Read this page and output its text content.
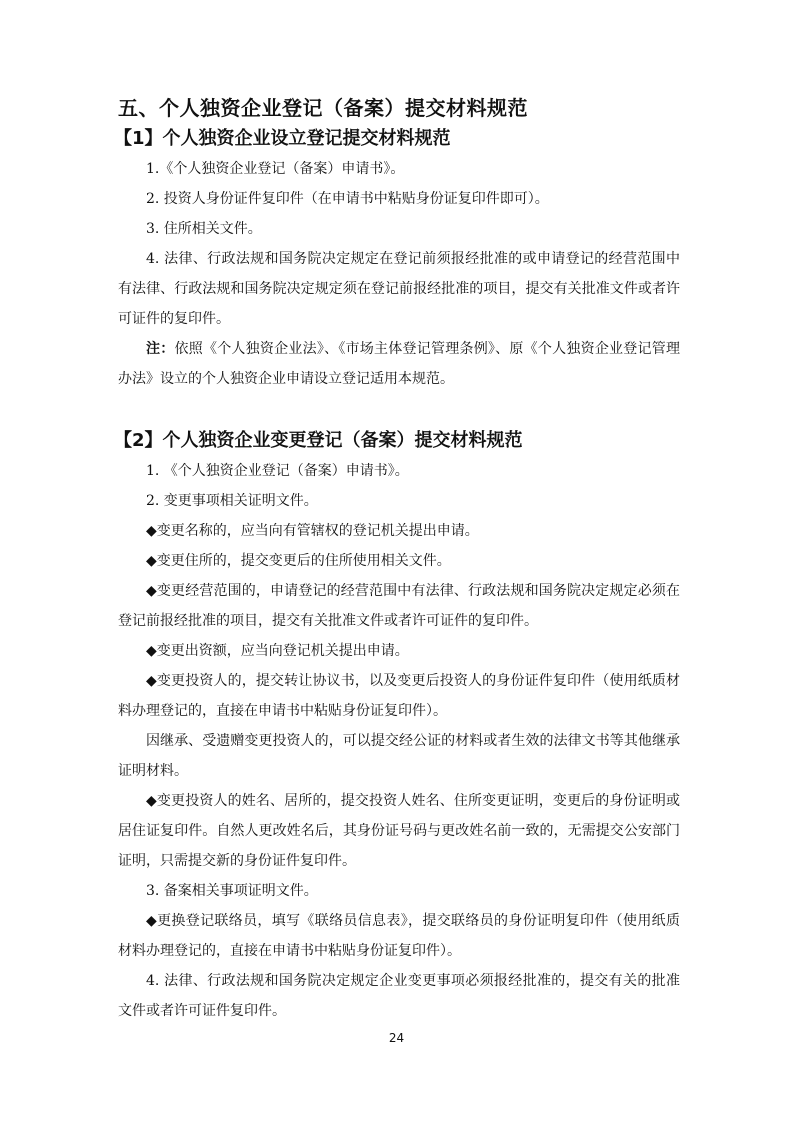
五、个人独资企业登记（备案）提交材料规范
【1】个人独资企业设立登记提交材料规范

1.《个人独资企业登记（备案）申请书》。

2. 投资人身份证件复印件（在申请书中粘贴身份证复印件即可）。

3. 住所相关文件。

4. 法律、行政法规和国务院决定规定在登记前须报经批准的或申请登记的经营范围中有法律、行政法规和国务院决定规定须在登记前报经批准的项目，提交有关批准文件或者许可证件的复印件。

注：依照《个人独资企业法》、《市场主体登记管理条例》、原《个人独资企业登记管理办法》设立的个人独资企业申请设立登记适用本规范。

【2】个人独资企业变更登记（备案）提交材料规范

1. 《个人独资企业登记（备案）申请书》。

2. 变更事项相关证明文件。

◆变更名称的，应当向有管辖权的登记机关提出申请。

◆变更住所的，提交变更后的住所使用相关文件。

◆变更经营范围的，申请登记的经营范围中有法律、行政法规和国务院决定规定必须在登记前报经批准的项目，提交有关批准文件或者许可证件的复印件。

◆变更出资额，应当向登记机关提出申请。

◆变更投资人的，提交转让协议书，以及变更后投资人的身份证件复印件（使用纸质材料办理登记的，直接在申请书中粘贴身份证复印件）。

因继承、受遗赠变更投资人的，可以提交经公证的材料或者生效的法律文书等其他继承证明材料。

◆变更投资人的姓名、居所的，提交投资人姓名、住所变更证明，变更后的身份证明或居住证复印件。自然人更改姓名后，其身份证号码与更改姓名前一致的，无需提交公安部门证明，只需提交新的身份证件复印件。

3. 备案相关事项证明文件。

◆更换登记联络员，填写《联络员信息表》，提交联络员的身份证明复印件（使用纸质材料办理登记的，直接在申请书中粘贴身份证复印件）。

4. 法律、行政法规和国务院决定规定企业变更事项必须报经批准的，提交有关的批准文件或者许可证件复印件。

24
